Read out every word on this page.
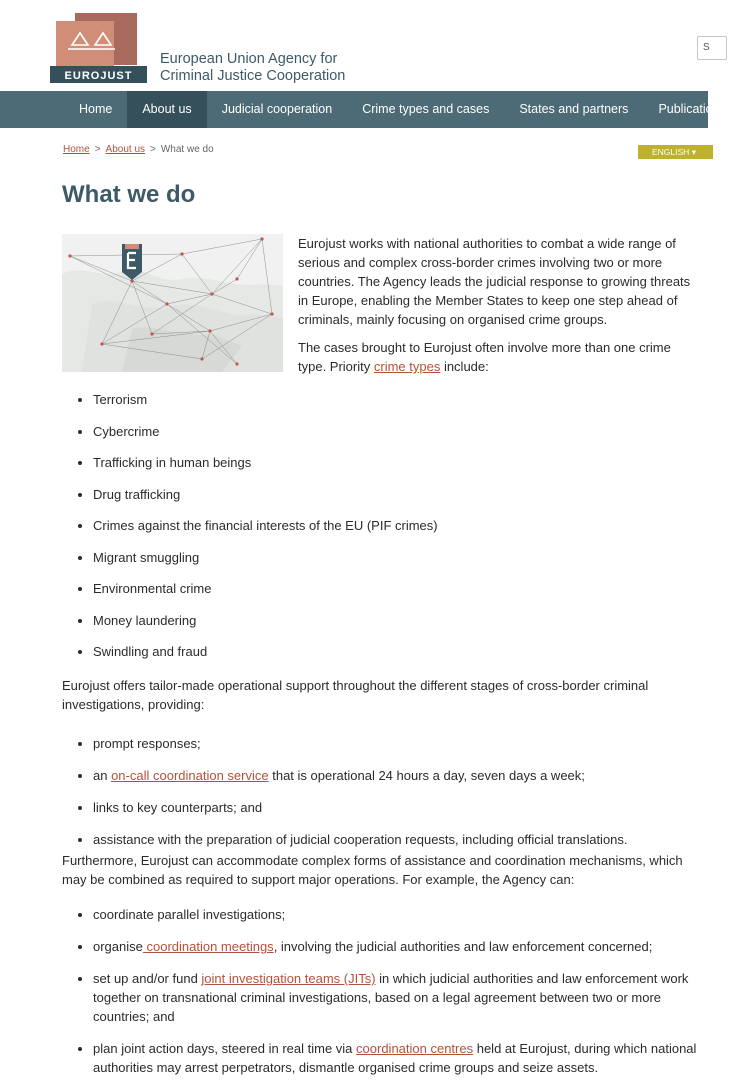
EUROJUST
European Union Agency for
Criminal Justice Cooperation
S
Home	About us	Judicial cooperation	Crime types and cases	States and partners	Publications
Home > About us > What we do	ENGLISH ▾
What we do

Eurojust works with national authorities to combat a wide range of serious and complex cross-border crimes involving two or more countries. The Agency leads the judicial response to growing threats in Europe, enabling the Member States to keep one step ahead of criminals, mainly focusing on organised crime groups.

The cases brought to Eurojust often involve more than one crime type. Priority crime types include:

• Terrorism
• Cybercrime
• Trafficking in human beings
• Drug trafficking
• Crimes against the financial interests of the EU (PIF crimes)
• Migrant smuggling
• Environmental crime
• Money laundering
• Swindling and fraud

Eurojust offers tailor-made operational support throughout the different stages of cross-border criminal investigations, providing:

• prompt responses;
• an on-call coordination service that is operational 24 hours a day, seven days a week;
• links to key counterparts; and
• assistance with the preparation of judicial cooperation requests, including official translations.

Furthermore, Eurojust can accommodate complex forms of assistance and coordination mechanisms, which may be combined as required to support major operations. For example, the Agency can:

• coordinate parallel investigations;
• organise coordination meetings, involving the judicial authorities and law enforcement concerned;
• set up and/or fund joint investigation teams (JITs) in which judicial authorities and law enforcement work together on transnational criminal investigations, based on a legal agreement between two or more countries; and
• plan joint action days, steered in real time via coordination centres held at Eurojust, during which national authorities may arrest perpetrators, dismantle organised crime groups and seize assets.
